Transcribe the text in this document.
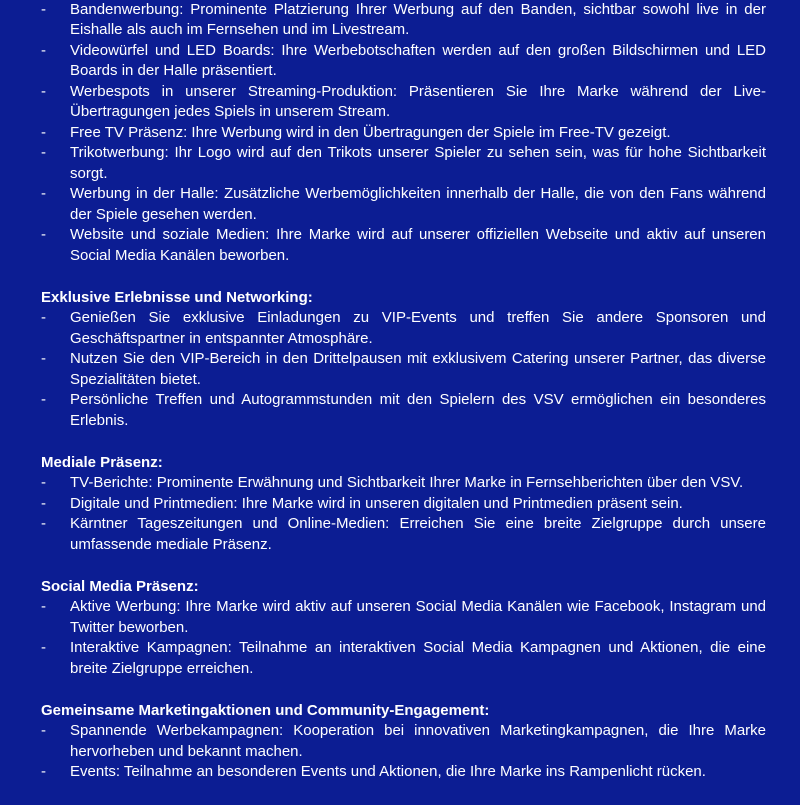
- Bandenwerbung: Prominente Platzierung Ihrer Werbung auf den Banden, sichtbar sowohl live in der Eishalle als auch im Fernsehen und im Livestream.
- Videowürfel und LED Boards: Ihre Werbebotschaften werden auf den großen Bildschirmen und LED Boards in der Halle präsentiert.
- Werbespots in unserer Streaming-Produktion: Präsentieren Sie Ihre Marke während der Live-Übertragungen jedes Spiels in unserem Stream.
- Free TV Präsenz: Ihre Werbung wird in den Übertragungen der Spiele im Free-TV gezeigt.
- Trikotwerbung: Ihr Logo wird auf den Trikots unserer Spieler zu sehen sein, was für hohe Sichtbarkeit sorgt.
- Werbung in der Halle: Zusätzliche Werbemöglichkeiten innerhalb der Halle, die von den Fans während der Spiele gesehen werden.
- Website und soziale Medien: Ihre Marke wird auf unserer offiziellen Webseite und aktiv auf unseren Social Media Kanälen beworben.

Exklusive Erlebnisse und Networking:

- Genießen Sie exklusive Einladungen zu VIP-Events und treffen Sie andere Sponsoren und Geschäftspartner in entspannter Atmosphäre.
- Nutzen Sie den VIP-Bereich in den Drittelpausen mit exklusivem Catering unserer Partner, das diverse Spezialitäten bietet.
- Persönliche Treffen und Autogrammstunden mit den Spielern des VSV ermöglichen ein besonderes Erlebnis.

Mediale Präsenz:

- TV-Berichte: Prominente Erwähnung und Sichtbarkeit Ihrer Marke in Fernsehberichten über den VSV.
- Digitale und Printmedien: Ihre Marke wird in unseren digitalen und Printmedien präsent sein.
- Kärntner Tageszeitungen und Online-Medien: Erreichen Sie eine breite Zielgruppe durch unsere umfassende mediale Präsenz.

Social Media Präsenz:

- Aktive Werbung: Ihre Marke wird aktiv auf unseren Social Media Kanälen wie Facebook, Instagram und Twitter beworben.
- Interaktive Kampagnen: Teilnahme an interaktiven Social Media Kampagnen und Aktionen, die eine breite Zielgruppe erreichen.

Gemeinsame Marketingaktionen und Community-Engagement:

- Spannende Werbekampagnen: Kooperation bei innovativen Marketingkampagnen, die Ihre Marke hervorheben und bekannt machen.
- Events: Teilnahme an besonderen Events und Aktionen, die Ihre Marke ins Rampenlicht rücken.
